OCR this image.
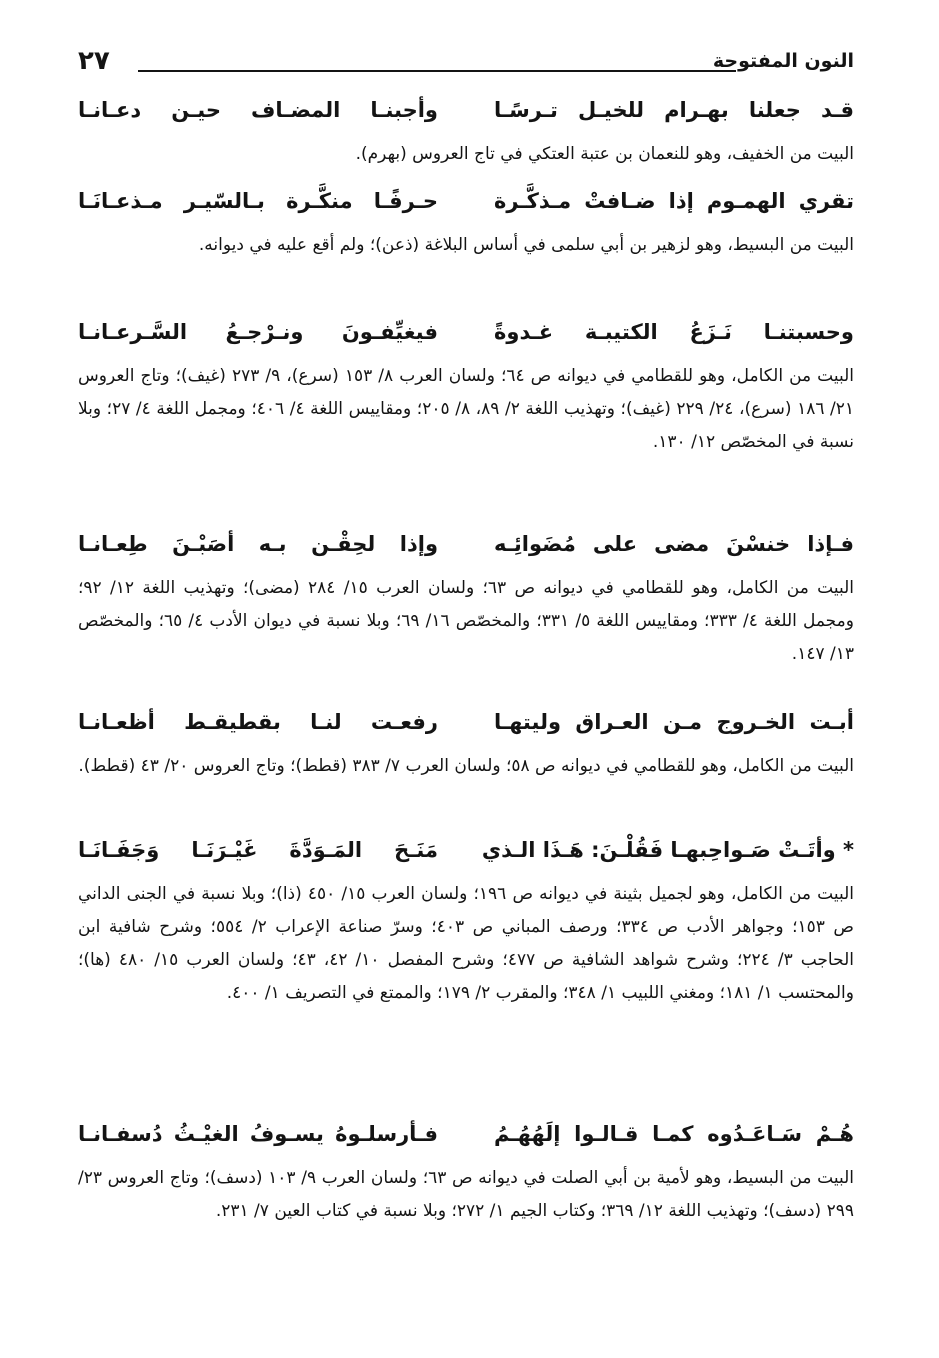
النون المفتوحة
٢٧
قـد جعلنا بهـرام للخيـل تـرسًـا
وأجبنـا المضـاف حيـن دعـانـا

البيت من الخفيف، وهو للنعمان بن عتبة العتكي في تاج العروس (بهرم).

تقري الهمـوم إذا ضـافتْ مـذكَّـرة
حـرفًـا منكَّـرة بـالسّيـر مـذعـانَـا

البيت من البسيط، وهو لزهير بن أبي سلمى في أساس البلاغة (ذعن)؛ ولم أقع عليه في ديوانه.

وحسبتنـا نَـزَعُ الكتيبـة غـدوةً
فيغيِّفـونَ ونـرْجـعُ السَّـرعـانـا

البيت من الكامل، وهو للقطامي في ديوانه ص ٦٤؛ ولسان العرب ٨/ ١٥٣ (سرع)، ٩/ ٢٧٣ (غيف)؛ وتاج العروس ٢١/ ١٨٦ (سرع)، ٢٤/ ٢٢٩ (غيف)؛ وتهذيب اللغة ٢/ ٨٩، ٨/ ٢٠٥؛ ومقاييس اللغة ٤/ ٤٠٦؛ ومجمل اللغة ٤/ ٢٧؛ وبلا نسبة في المخصّص ١٢/ ١٣٠.

فـإذا خنسْنَ مضى على مُضَوائِـه
وإذا لحِقْـن بـه أصَبْـنَ طِعـانـا

البيت من الكامل، وهو للقطامي في ديوانه ص ٦٣؛ ولسان العرب ١٥/ ٢٨٤ (مضى)؛ وتهذيب اللغة ١٢/ ٩٢؛ ومجمل اللغة ٤/ ٣٣٣؛ ومقاييس اللغة ٥/ ٣٣١؛ والمخصّص ١٦/ ٦٩؛ وبلا نسبة في ديوان الأدب ٤/ ٦٥؛ والمخصّص ١٣/ ١٤٧.

أبـت الخـروج مـن العـراق وليتهـا
رفعـت لنـا بقطيقـط أظعـانـا

البيت من الكامل، وهو للقطامي في ديوانه ص ٥٨؛ ولسان العرب ٧/ ٣٨٣ (قطط)؛ وتاج العروس ٢٠/ ٤٣ (قطط).

* وأتَـتْ صَـواحِبهـا فَقُلْـنَ: هَـذَا الـذي
مَنَـحَ المَـوَدَّةَ غَيْـرَنَـا وَجَفَـانَـا

البيت من الكامل، وهو لجميل بثينة في ديوانه ص ١٩٦؛ ولسان العرب ١٥/ ٤٥٠ (ذا)؛ وبلا نسبة في الجنى الداني ص ١٥٣؛ وجواهر الأدب ص ٣٣٤؛ ورصف المباني ص ٤٠٣؛ وسرّ صناعة الإعراب ٢/ ٥٥٤؛ وشرح شافية ابن الحاجب ٣/ ٢٢٤؛ وشرح شواهد الشافية ص ٤٧٧؛ وشرح المفصل ١٠/ ٤٢، ٤٣؛ ولسان العرب ١٥/ ٤٨٠ (ها)؛ والمحتسب ١/ ١٨١؛ ومغني اللبيب ١/ ٣٤٨؛ والمقرب ٢/ ١٧٩؛ والممتع في التصريف ١/ ٤٠٠.

هُـمْ سَـاعَـدُوه كمـا قـالـوا إلَهُهُـمُ
فـأرسلـوهُ يسـوفُ الغيْـثُ دُسفـانـا

البيت من البسيط، وهو لأمية بن أبي الصلت في ديوانه ص ٦٣؛ ولسان العرب ٩/ ١٠٣ (دسف)؛ وتاج العروس ٢٣/ ٢٩٩ (دسف)؛ وتهذيب اللغة ١٢/ ٣٦٩؛ وكتاب الجيم ١/ ٢٧٢؛ وبلا نسبة في كتاب العين ٧/ ٢٣١.
